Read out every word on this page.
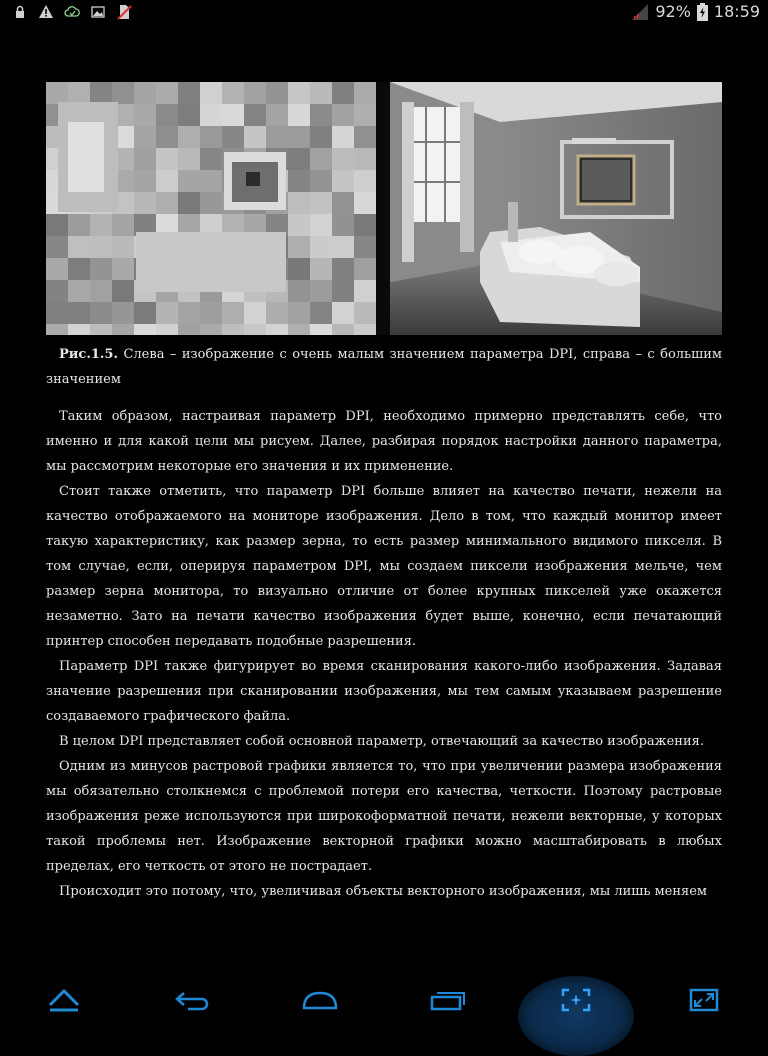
92% 18:59

Рис.1.5. Слева – изображение с очень малым значением параметра DPI, справа – с большим значением

Таким образом, настраивая параметр DPI, необходимо примерно представлять себе, что именно и для какой цели мы рисуем. Далее, разбирая порядок настройки данного параметра, мы рассмотрим некоторые его значения и их применение.

Стоит также отметить, что параметр DPI больше влияет на качество печати, нежели на качество отображаемого на мониторе изображения. Дело в том, что каждый монитор имеет такую характеристику, как размер зерна, то есть размер минимального видимого пикселя. В том случае, если, оперируя параметром DPI, мы создаем пиксели изображения мельче, чем размер зерна монитора, то визуально отличие от более крупных пикселей уже окажется незаметно. Зато на печати качество изображения будет выше, конечно, если печатающий принтер способен передавать подобные разрешения.

Параметр DPI также фигурирует во время сканирования какого-либо изображения. Задавая значение разрешения при сканировании изображения, мы тем самым указываем разрешение создаваемого графического файла.

В целом DPI представляет собой основной параметр, отвечающий за качество изображения.

Одним из минусов растровой графики является то, что при увеличении размера изображения мы обязательно столкнемся с проблемой потери его качества, четкости. Поэтому растровые изображения реже используются при широкоформатной печати, нежели векторные, у которых такой проблемы нет. Изображение векторной графики можно масштабировать в любых пределах, его четкость от этого не пострадает.

Происходит это потому, что, увеличивая объекты векторного изображения, мы лишь меняем
